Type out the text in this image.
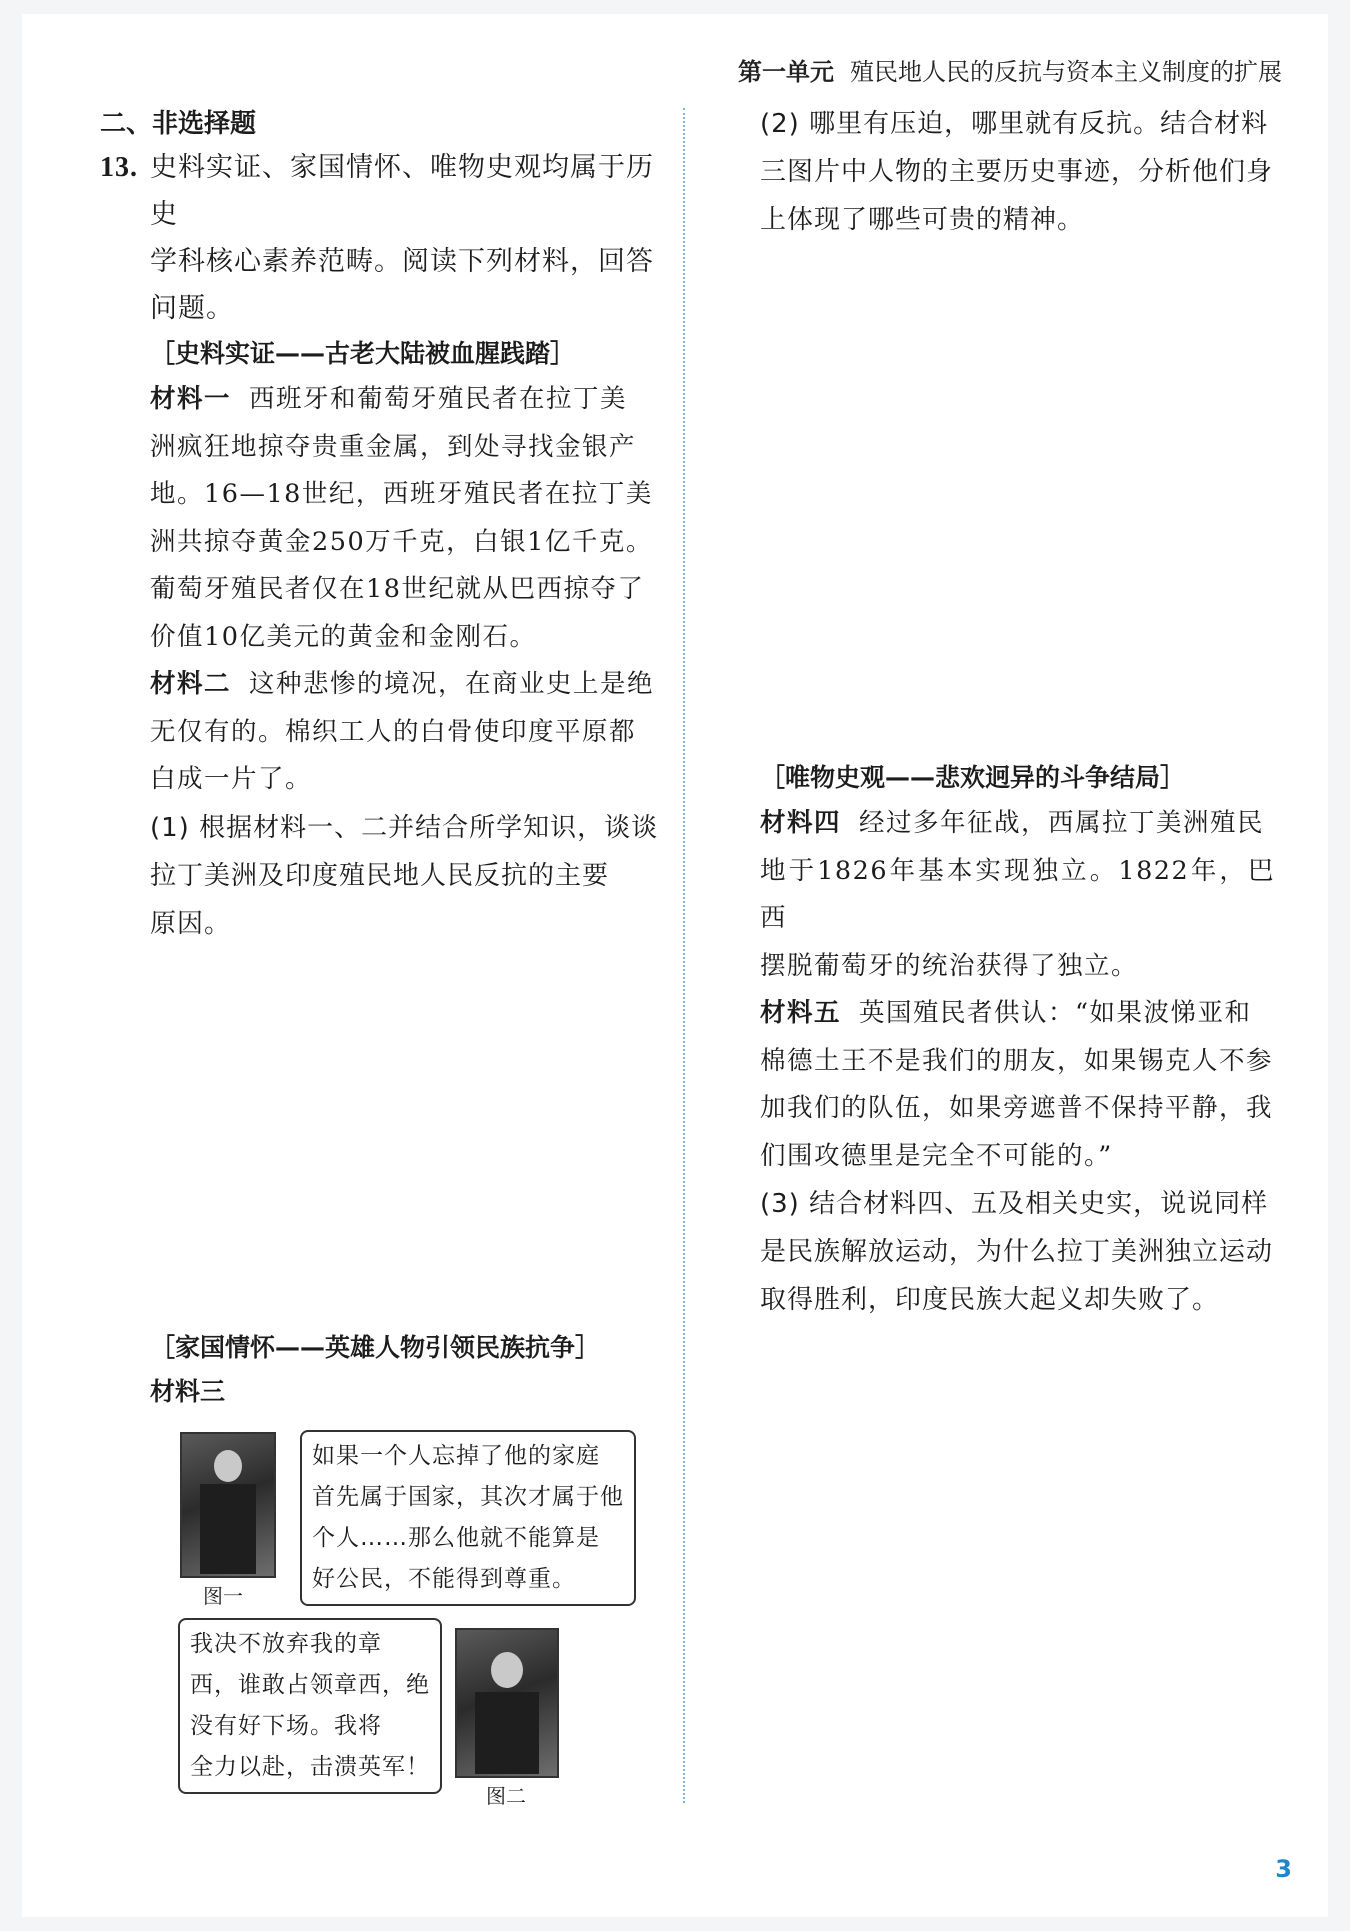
第一单元 殖民地人民的反抗与资本主义制度的扩展
二、非选择题
13. 史料实证、家国情怀、唯物史观均属于历史
学科核心素养范畴。阅读下列材料，回答
问题。
［史料实证——古老大陆被血腥践踏］
材料一 西班牙和葡萄牙殖民者在拉丁美
洲疯狂地掠夺贵重金属，到处寻找金银产
地。16—18世纪，西班牙殖民者在拉丁美
洲共掠夺黄金250万千克，白银1亿千克。
葡萄牙殖民者仅在18世纪就从巴西掠夺了
价值10亿美元的黄金和金刚石。
材料二 这种悲惨的境况，在商业史上是绝
无仅有的。棉织工人的白骨使印度平原都
白成一片了。
(1) 根据材料一、二并结合所学知识，谈谈
拉丁美洲及印度殖民地人民反抗的主要
原因。
［家国情怀——英雄人物引领民族抗争］
材料三
图一
如果一个人忘掉了他的家庭
首先属于国家，其次才属于他
个人……那么他就不能算是
好公民，不能得到尊重。
我决不放弃我的章
西，谁敢占领章西，绝
没有好下场。我将
全力以赴，击溃英军！
图二
(2) 哪里有压迫，哪里就有反抗。结合材料
三图片中人物的主要历史事迹，分析他们身
上体现了哪些可贵的精神。
［唯物史观——悲欢迥异的斗争结局］
材料四 经过多年征战，西属拉丁美洲殖民
地于1826年基本实现独立。1822年，巴西
摆脱葡萄牙的统治获得了独立。
材料五 英国殖民者供认：“如果波悌亚和
棉德土王不是我们的朋友，如果锡克人不参
加我们的队伍，如果旁遮普不保持平静，我
们围攻德里是完全不可能的。”
(3) 结合材料四、五及相关史实，说说同样
是民族解放运动，为什么拉丁美洲独立运动
取得胜利，印度民族大起义却失败了。
3
